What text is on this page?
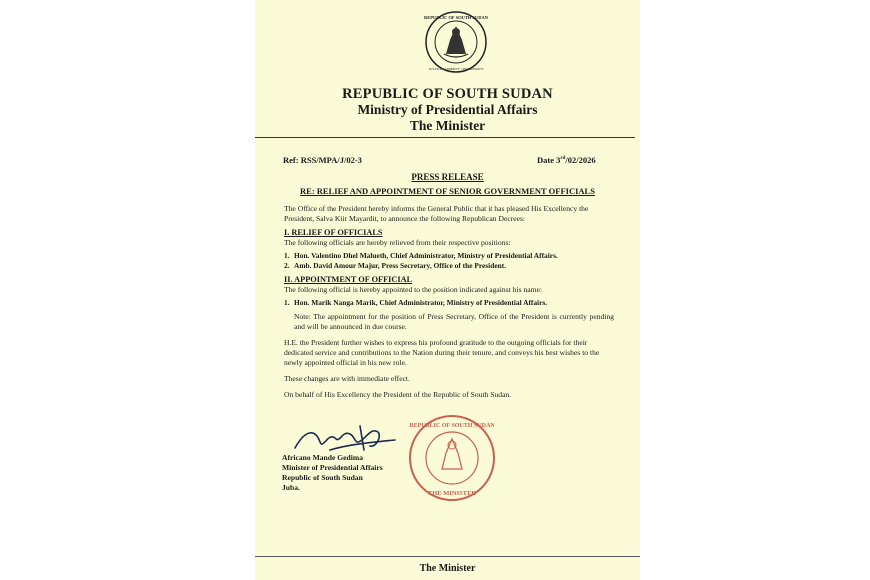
REPUBLIC OF SOUTH SUDAN
JUSTICE • LIBERTY • PROSPERITY
REPUBLIC OF SOUTH SUDAN
Ministry of Presidential Affairs
The Minister
Ref: RSS/MPA/J/02-3	Date 3rd/02/2026
PRESS RELEASE
RE: RELIEF AND APPOINTMENT OF SENIOR GOVERNMENT OFFICIALS

The Office of the President hereby informs the General Public that it has pleased His Excellency the President, Salva Kiir Mayardit, to announce the following Republican Decrees:

I. RELIEF OF OFFICIALS

The following officials are hereby relieved from their respective positions:

1. Hon. Valentino Dhel Malueth, Chief Administrator, Ministry of Presidential Affairs.
2. Amb. David Amour Majur, Press Secretary, Office of the President.

II. APPOINTMENT OF OFFICIAL

The following official is hereby appointed to the position indicated against his name:

1. Hon. Marik Nanga Marik, Chief Administrator, Ministry of Presidential Affairs.

Note: The appointment for the position of Press Secretary, Office of the President is currently pending and will be announced in due course.

H.E. the President further wishes to express his profound gratitude to the outgoing officials for their dedicated service and contributions to the Nation during their tenure, and conveys his best wishes to the newly appointed official in his new role.

These changes are with immediate effect.

On behalf of His Excellency the President of the Republic of South Sudan.

Africano Mande Gedima
Minister of Presidential Affairs
Republic of South Sudan
Juba.
REPUBLIC OF SOUTH SUDAN
THE MINISTER
The Minister
